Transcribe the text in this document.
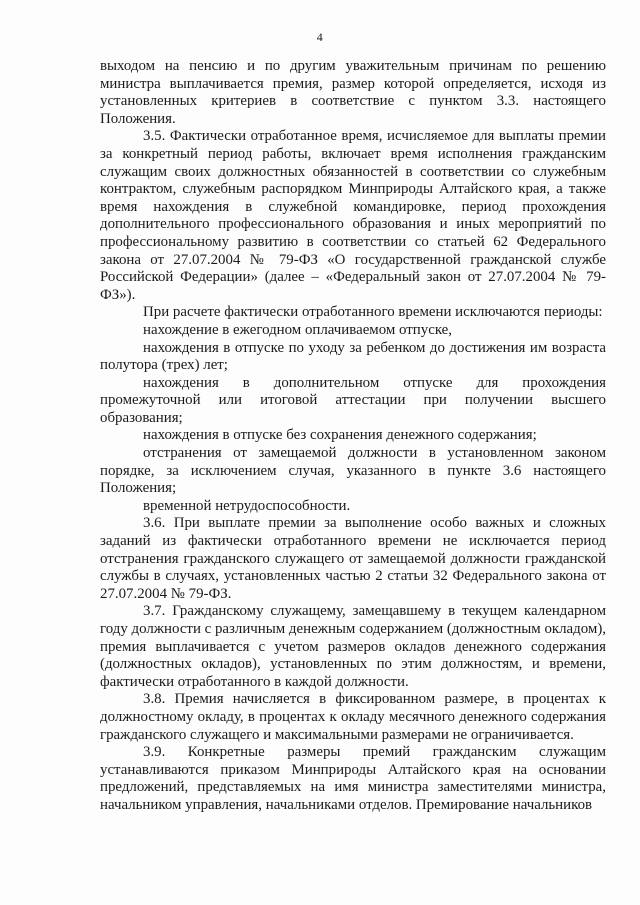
4

выходом на пенсию и по другим уважительным причинам по решению министра выплачивается премия, размер которой определяется, исходя из установленных критериев в соответствие с пунктом 3.3. настоящего Положения.

3.5. Фактически отработанное время, исчисляемое для выплаты премии за конкретный период работы, включает время исполнения гражданским служащим своих должностных обязанностей в соответствии со служебным контрактом, служебным распорядком Минприроды Алтайского края, а также время нахождения в служебной командировке, период прохождения дополнительного профессионального образования и иных мероприятий по профессиональному развитию в соответствии со статьей 62 Федерального закона от 27.07.2004 № 79-ФЗ «О государственной гражданской службе Российской Федерации» (далее – «Федеральный закон от 27.07.2004 № 79-ФЗ»).

При расчете фактически отработанного времени исключаются периоды:

нахождение в ежегодном оплачиваемом отпуске,

нахождения в отпуске по уходу за ребенком до достижения им возраста полутора (трех) лет;

нахождения в дополнительном отпуске для прохождения промежуточной или итоговой аттестации при получении высшего образования;

нахождения в отпуске без сохранения денежного содержания;

отстранения от замещаемой должности в установленном законом порядке, за исключением случая, указанного в пункте 3.6 настоящего Положения;

временной нетрудоспособности.

3.6. При выплате премии за выполнение особо важных и сложных заданий из фактически отработанного времени не исключается период отстранения гражданского служащего от замещаемой должности гражданской службы в случаях, установленных частью 2 статьи 32 Федерального закона от 27.07.2004 № 79-ФЗ.

3.7. Гражданскому служащему, замещавшему в текущем календарном году должности с различным денежным содержанием (должностным окладом), премия выплачивается с учетом размеров окладов денежного содержания (должностных окладов), установленных по этим должностям, и времени, фактически отработанного в каждой должности.

3.8. Премия начисляется в фиксированном размере, в процентах к должностному окладу, в процентах к окладу месячного денежного содержания гражданского служащего и максимальными размерами не ограничивается.

3.9. Конкретные размеры премий гражданским служащим устанавливаются приказом Минприроды Алтайского края на основании предложений, представляемых на имя министра заместителями министра, начальником управления, начальниками отделов. Премирование начальников
